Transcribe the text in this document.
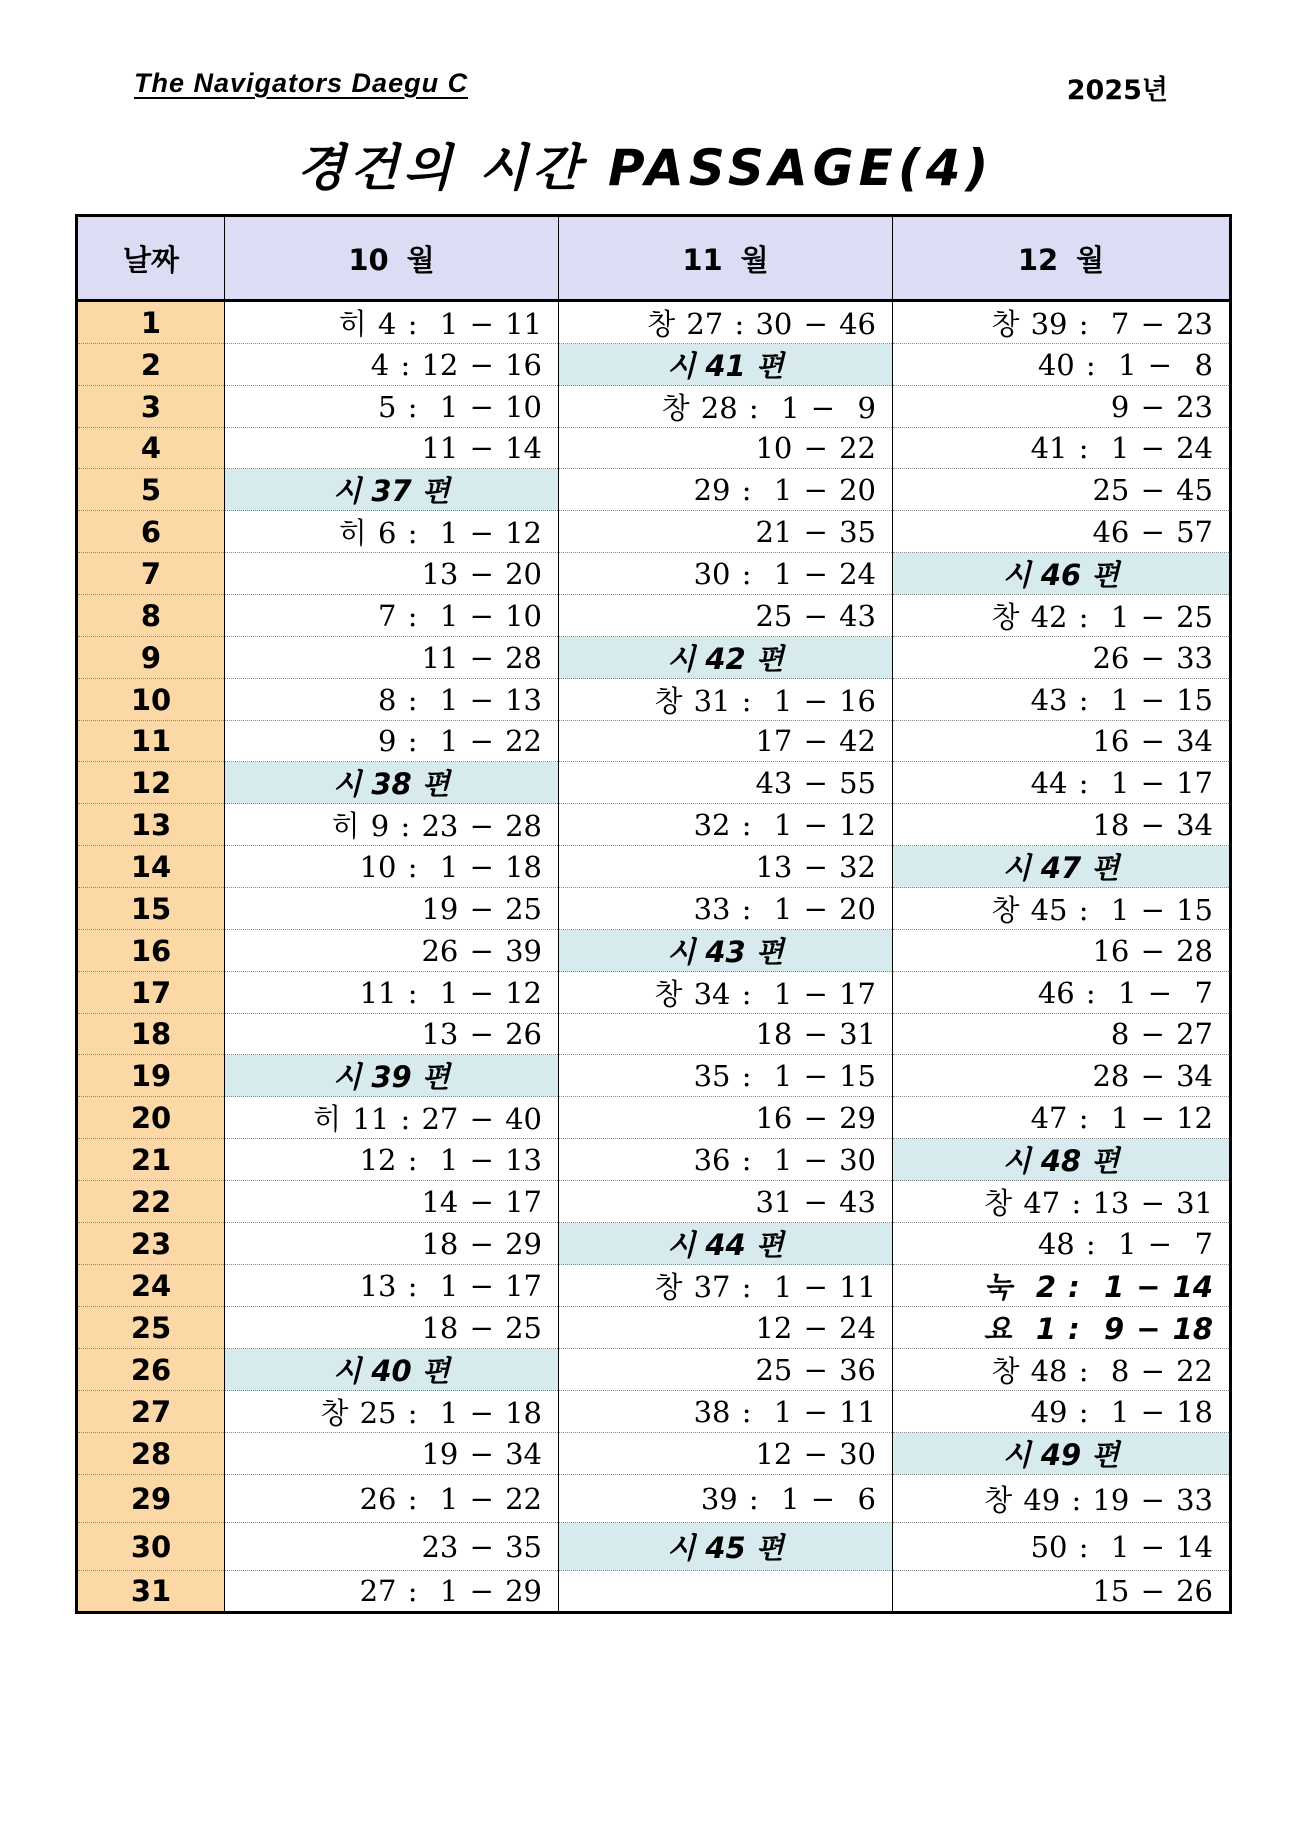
The Navigators Daegu C	2025년
경건의 시간 PASSAGE(4)
날짜	10 월	11 월	12 월
1	히 4 :  1 − 11	창 27 : 30 − 46	창 39 :  7 − 23
2	4 : 12 − 16	시 41 편	40 :  1 −  8
3	5 :  1 − 10	창 28 :  1 −  9	9 − 23
4	11 − 14	10 − 22	41 :  1 − 24
5	시 37 편	29 :  1 − 20	25 − 45
6	히 6 :  1 − 12	21 − 35	46 − 57
7	13 − 20	30 :  1 − 24	시 46 편
8	7 :  1 − 10	25 − 43	창 42 :  1 − 25
9	11 − 28	시 42 편	26 − 33
10	8 :  1 − 13	창 31 :  1 − 16	43 :  1 − 15
11	9 :  1 − 22	17 − 42	16 − 34
12	시 38 편	43 − 55	44 :  1 − 17
13	히 9 : 23 − 28	32 :  1 − 12	18 − 34
14	10 :  1 − 18	13 − 32	시 47 편
15	19 − 25	33 :  1 − 20	창 45 :  1 − 15
16	26 − 39	시 43 편	16 − 28
17	11 :  1 − 12	창 34 :  1 − 17	46 :  1 −  7
18	13 − 26	18 − 31	8 − 27
19	시 39 편	35 :  1 − 15	28 − 34
20	히 11 : 27 − 40	16 − 29	47 :  1 − 12
21	12 :  1 − 13	36 :  1 − 30	시 48 편
22	14 − 17	31 − 43	창 47 : 13 − 31
23	18 − 29	시 44 편	48 :  1 −  7
24	13 :  1 − 17	창 37 :  1 − 11	눅  2 :  1 − 14
25	18 − 25	12 − 24	요  1 :  9 − 18
26	시 40 편	25 − 36	창 48 :  8 − 22
27	창 25 :  1 − 18	38 :  1 − 11	49 :  1 − 18
28	19 − 34	12 − 30	시 49 편
29	26 :  1 − 22	39 :  1 −  6	창 49 : 19 − 33
30	23 − 35	시 45 편	50 :  1 − 14
31	27 :  1 − 29		15 − 26
